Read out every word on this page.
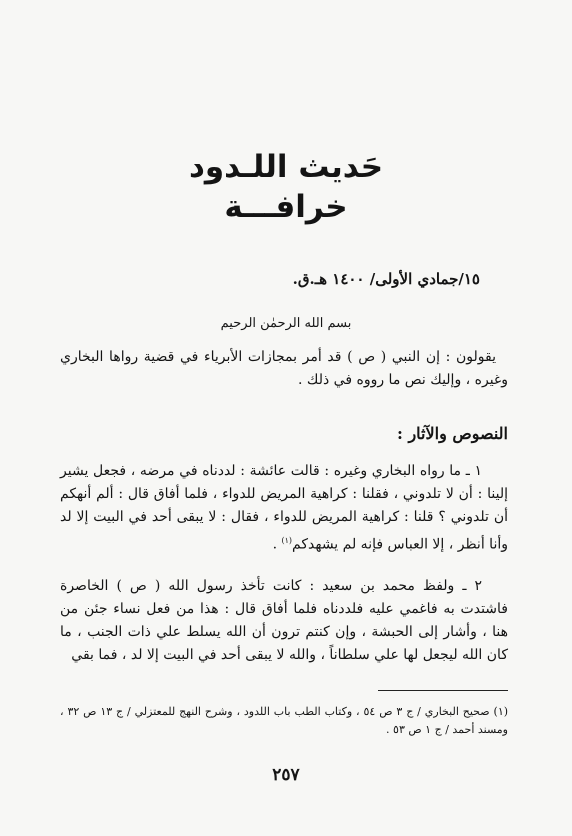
حَديث اللـدود
خرافـــة
١٥/جمادي الأولى/ ١٤٠٠ هـ.ق.
بسم الله الرحمٰن الرحيم

يقولون : إن النبي ( ص ) قد أمر بمجازات الأبرياء في قضية رواها البخاري وغيره ، وإليك نص ما رووه في ذلك .

النصوص والآثار :

١ ـ ما رواه البخاري وغيره : قالت عائشة : لددناه في مرضه ، فجعل يشير إلينا : أن لا تلدوني ، فقلنا : كراهية المريض للدواء ، فلما أفاق قال : ألم أنهكم أن تلدوني ؟ قلنا : كراهية المريض للدواء ، فقال : لا يبقى أحد في البيت إلا لد وأنا أنظر ، إلا العباس فإنه لم يشهدكم$^{(١)}$ .

٢ ـ ولفظ محمد بن سعيد : كانت تأخذ رسول الله ( ص ) الخاصرة فاشتدت به فاغمي عليه فلددناه فلما أفاق قال : هذا من فعل نساء جئن من هنا ، وأشار إلى الحبشة ، وإن كنتم ترون أن الله يسلط علي ذات الجنب ، ما كان الله ليجعل لها علي سلطاناً ، والله لا يبقى أحد في البيت إلا لد ، فما بقي

(١) صحيح البخاري / ج ٣ ص ٥٤ ، وكتاب الطب باب اللدود ، وشرح النهج للمعتزلي / ج ١٣ ص ٣٢ ، ومسند أحمد / ج ١ ص ٥٣ .

٢٥٧
